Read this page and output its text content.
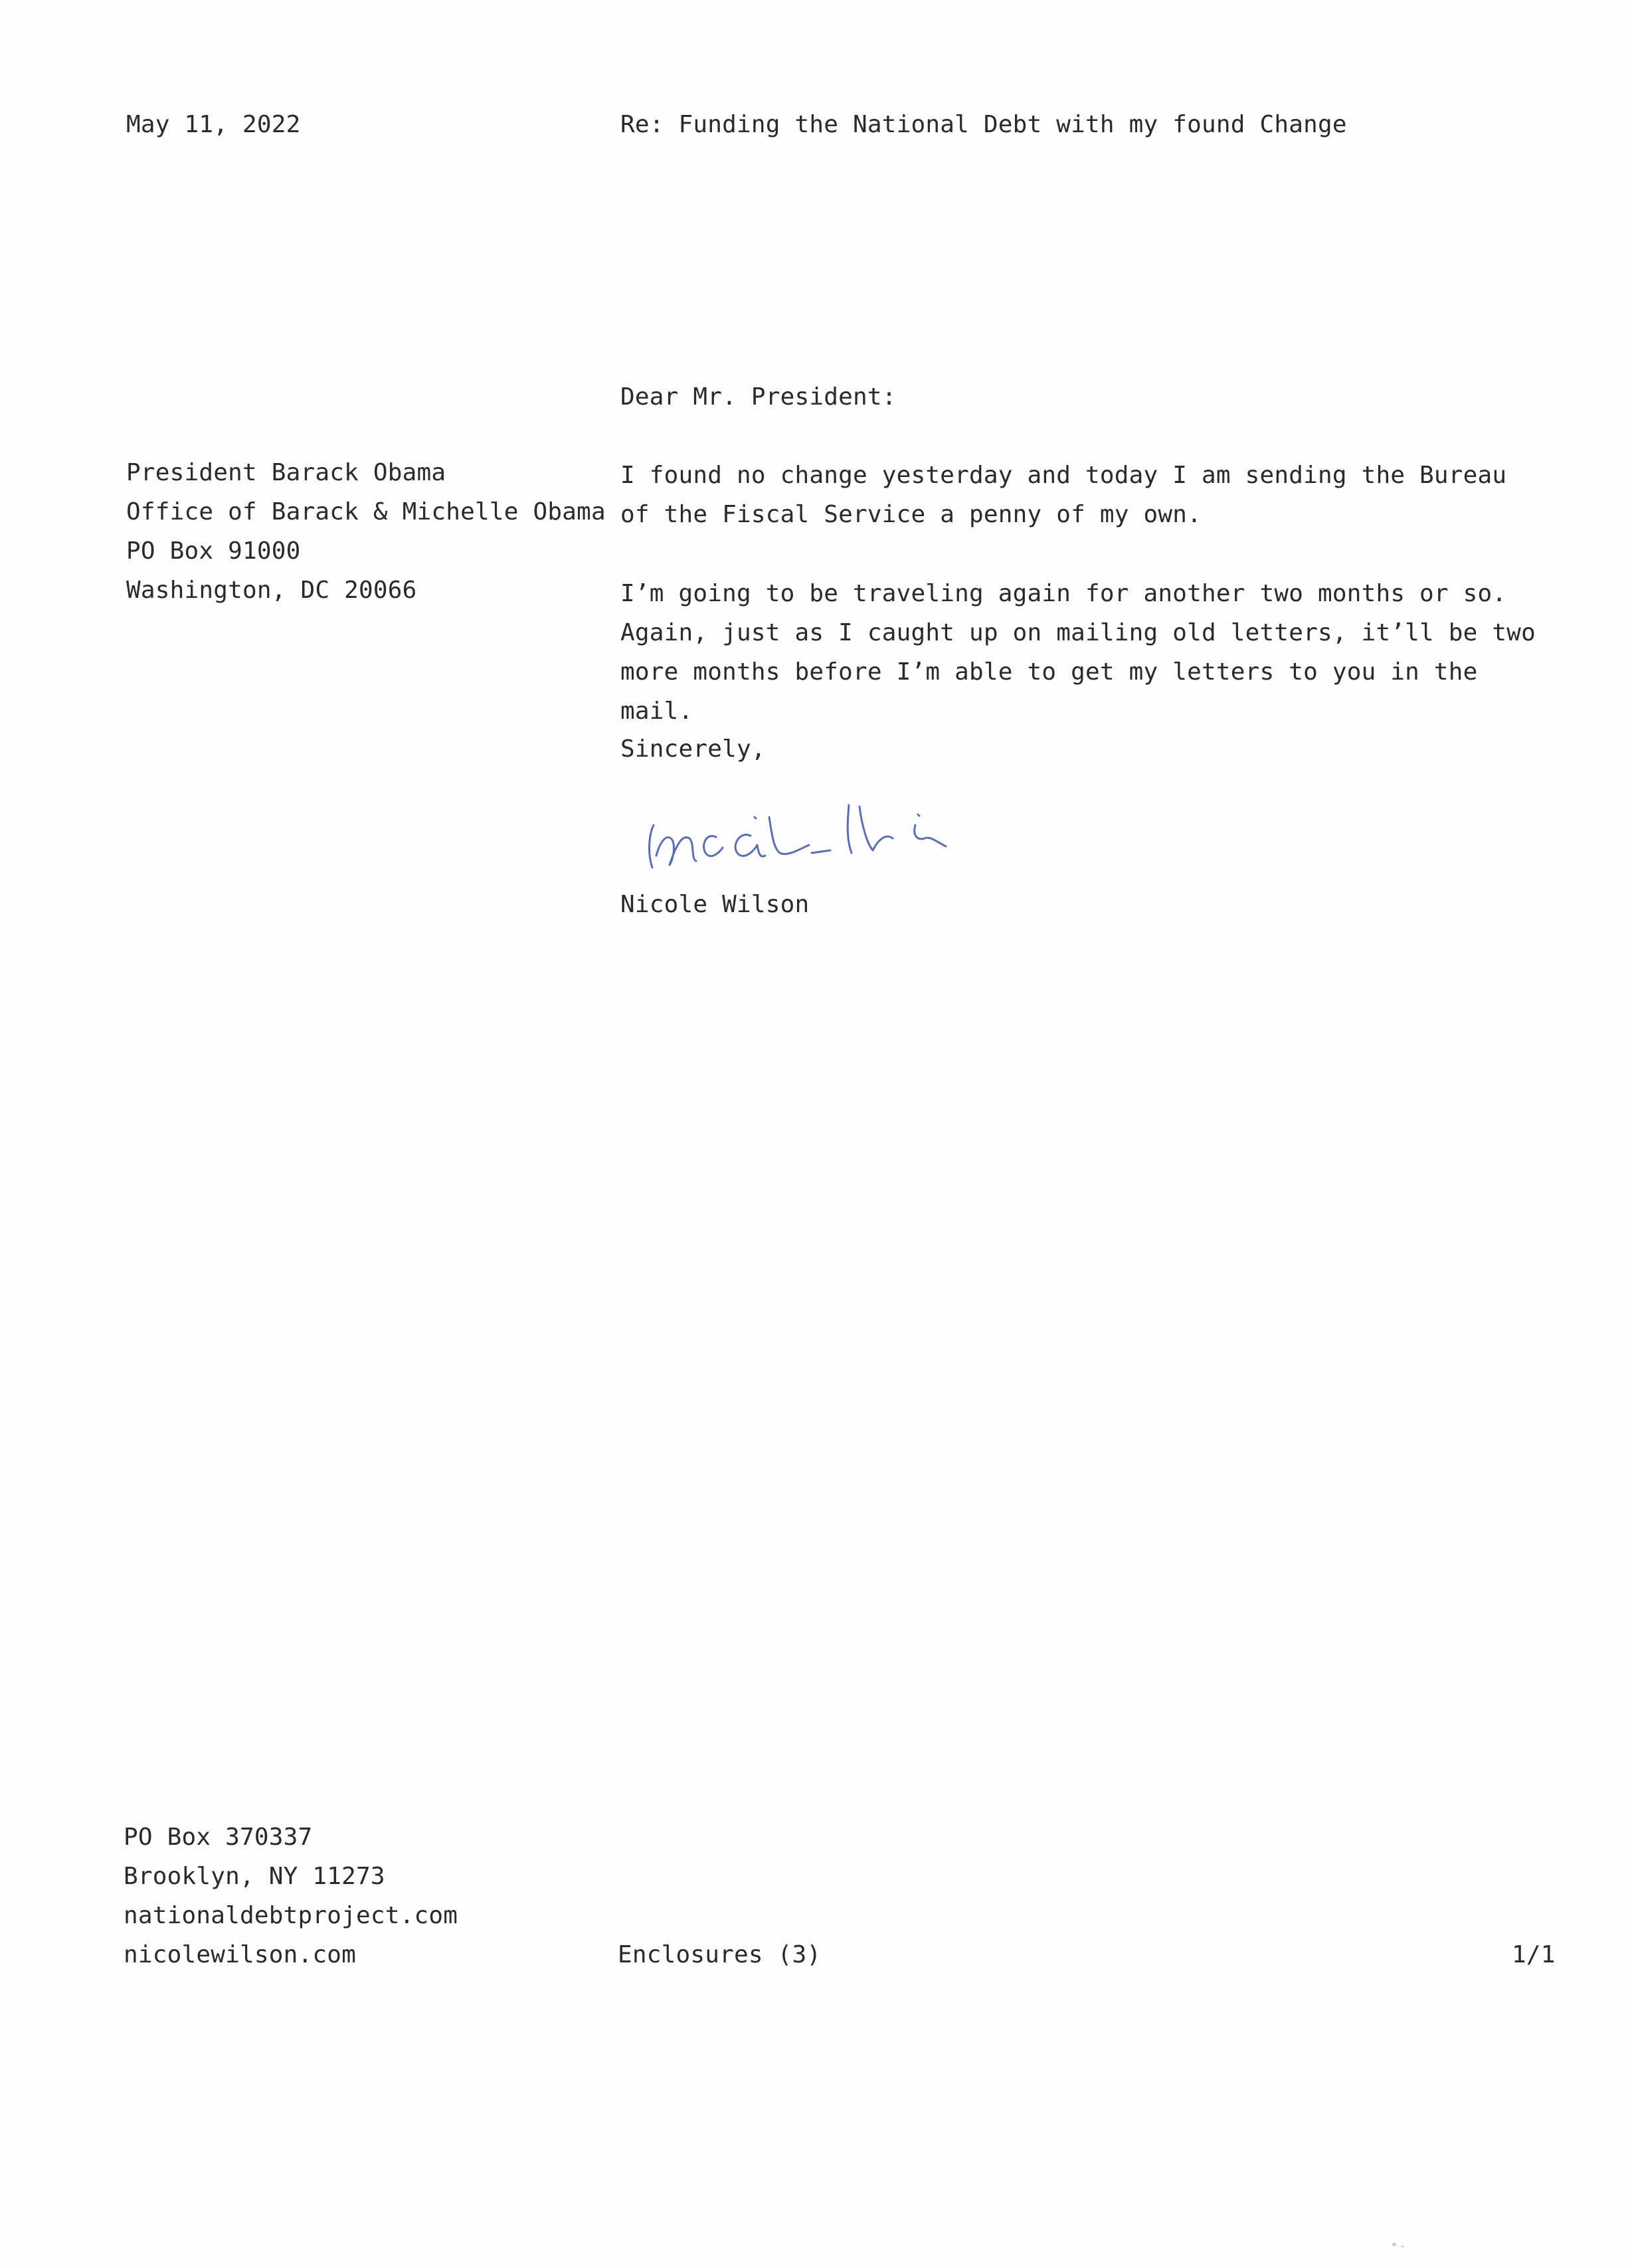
May 11, 2022	Re: Funding the National Debt with my found Change
President Barack Obama
Office of Barack & Michelle Obama
PO Box 91000
Washington, DC 20066
Dear Mr. President:
I found no change yesterday and today I am sending the Bureau of the Fiscal Service a penny of my own.
I’m going to be traveling again for another two months or so. Again, just as I caught up on mailing old letters, it’ll be two more months before I’m able to get my letters to you in the mail.
Sincerely,
Nicole Wilson
PO Box 370337
Brooklyn, NY 11273
nationaldebtproject.com
nicolewilson.com	Enclosures (3)	1/1
